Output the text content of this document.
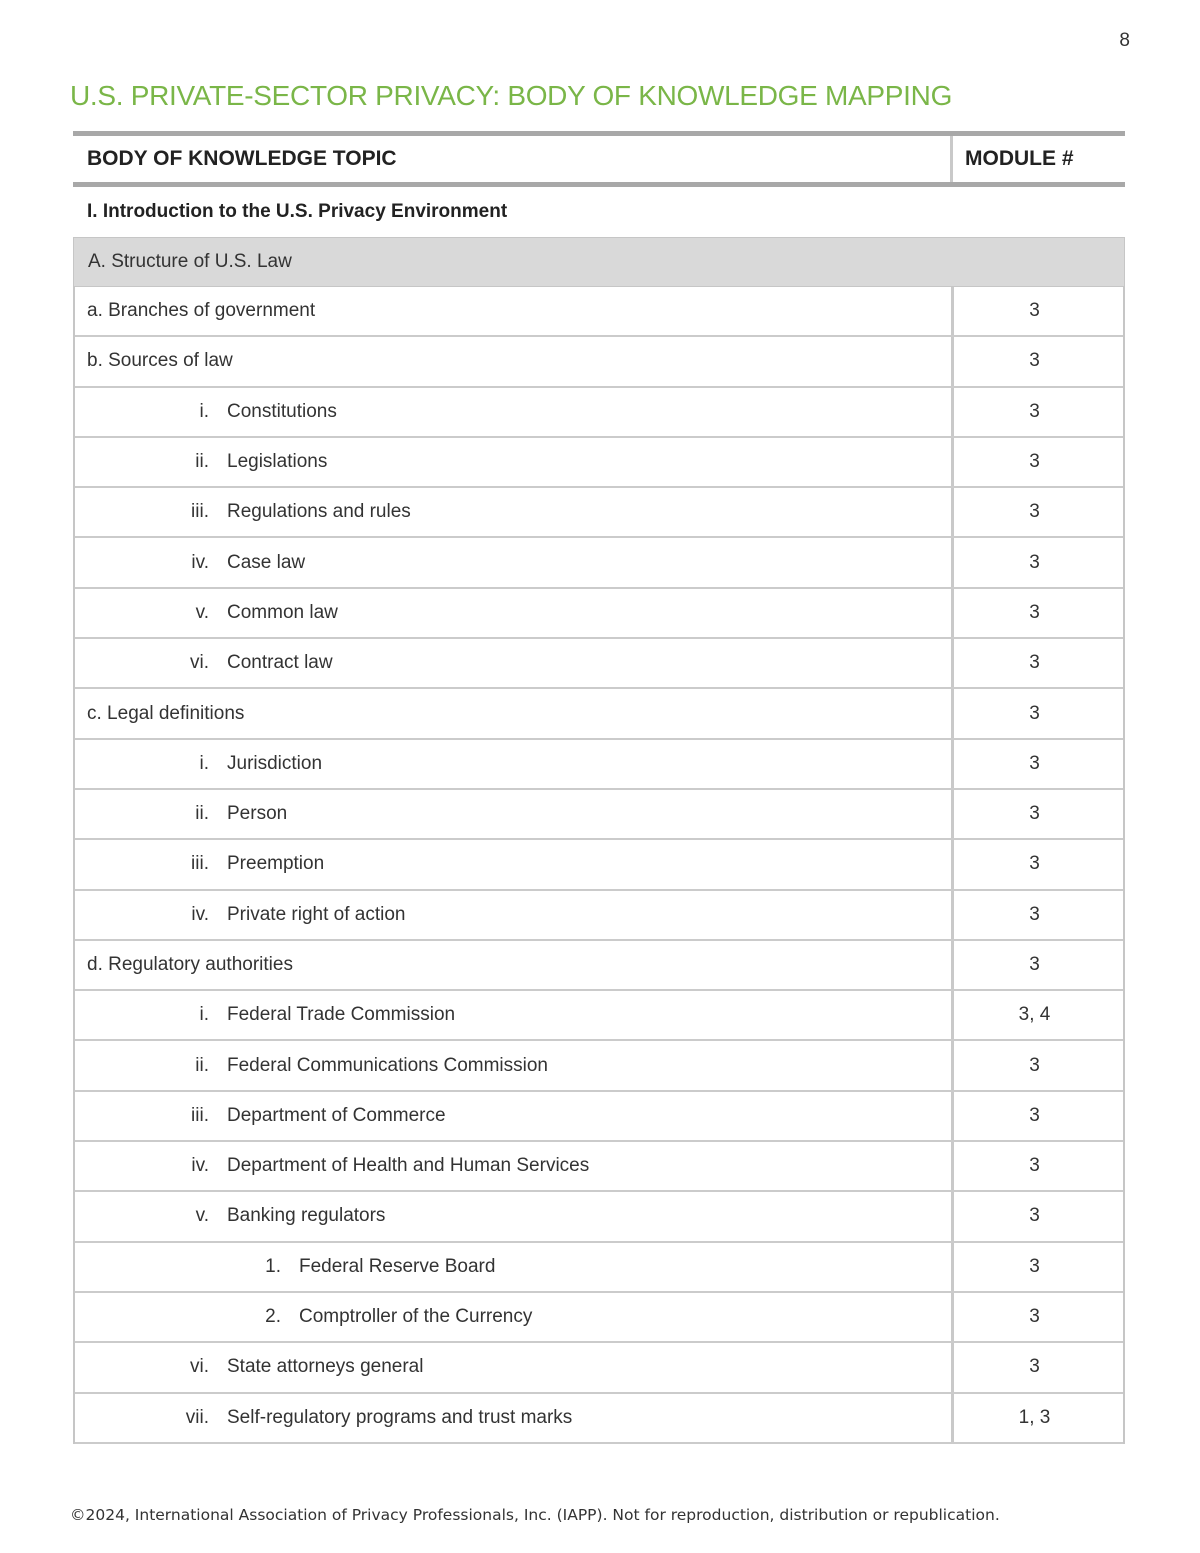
8
U.S. PRIVATE-SECTOR PRIVACY: BODY OF KNOWLEDGE MAPPING
BODY OF KNOWLEDGE TOPIC	MODULE #
I. Introduction to the U.S. Privacy Environment
A. Structure of U.S. Law
a. Branches of government	3
b. Sources of law	3
i. Constitutions	3
ii. Legislations	3
iii. Regulations and rules	3
iv. Case law	3
v. Common law	3
vi. Contract law	3
c. Legal definitions	3
i. Jurisdiction	3
ii. Person	3
iii. Preemption	3
iv. Private right of action	3
d. Regulatory authorities	3
i. Federal Trade Commission	3, 4
ii. Federal Communications Commission	3
iii. Department of Commerce	3
iv. Department of Health and Human Services	3
v. Banking regulators	3
1. Federal Reserve Board	3
2. Comptroller of the Currency	3
vi. State attorneys general	3
vii. Self-regulatory programs and trust marks	1, 3
©2024, International Association of Privacy Professionals, Inc. (IAPP). Not for reproduction, distribution or republication.
